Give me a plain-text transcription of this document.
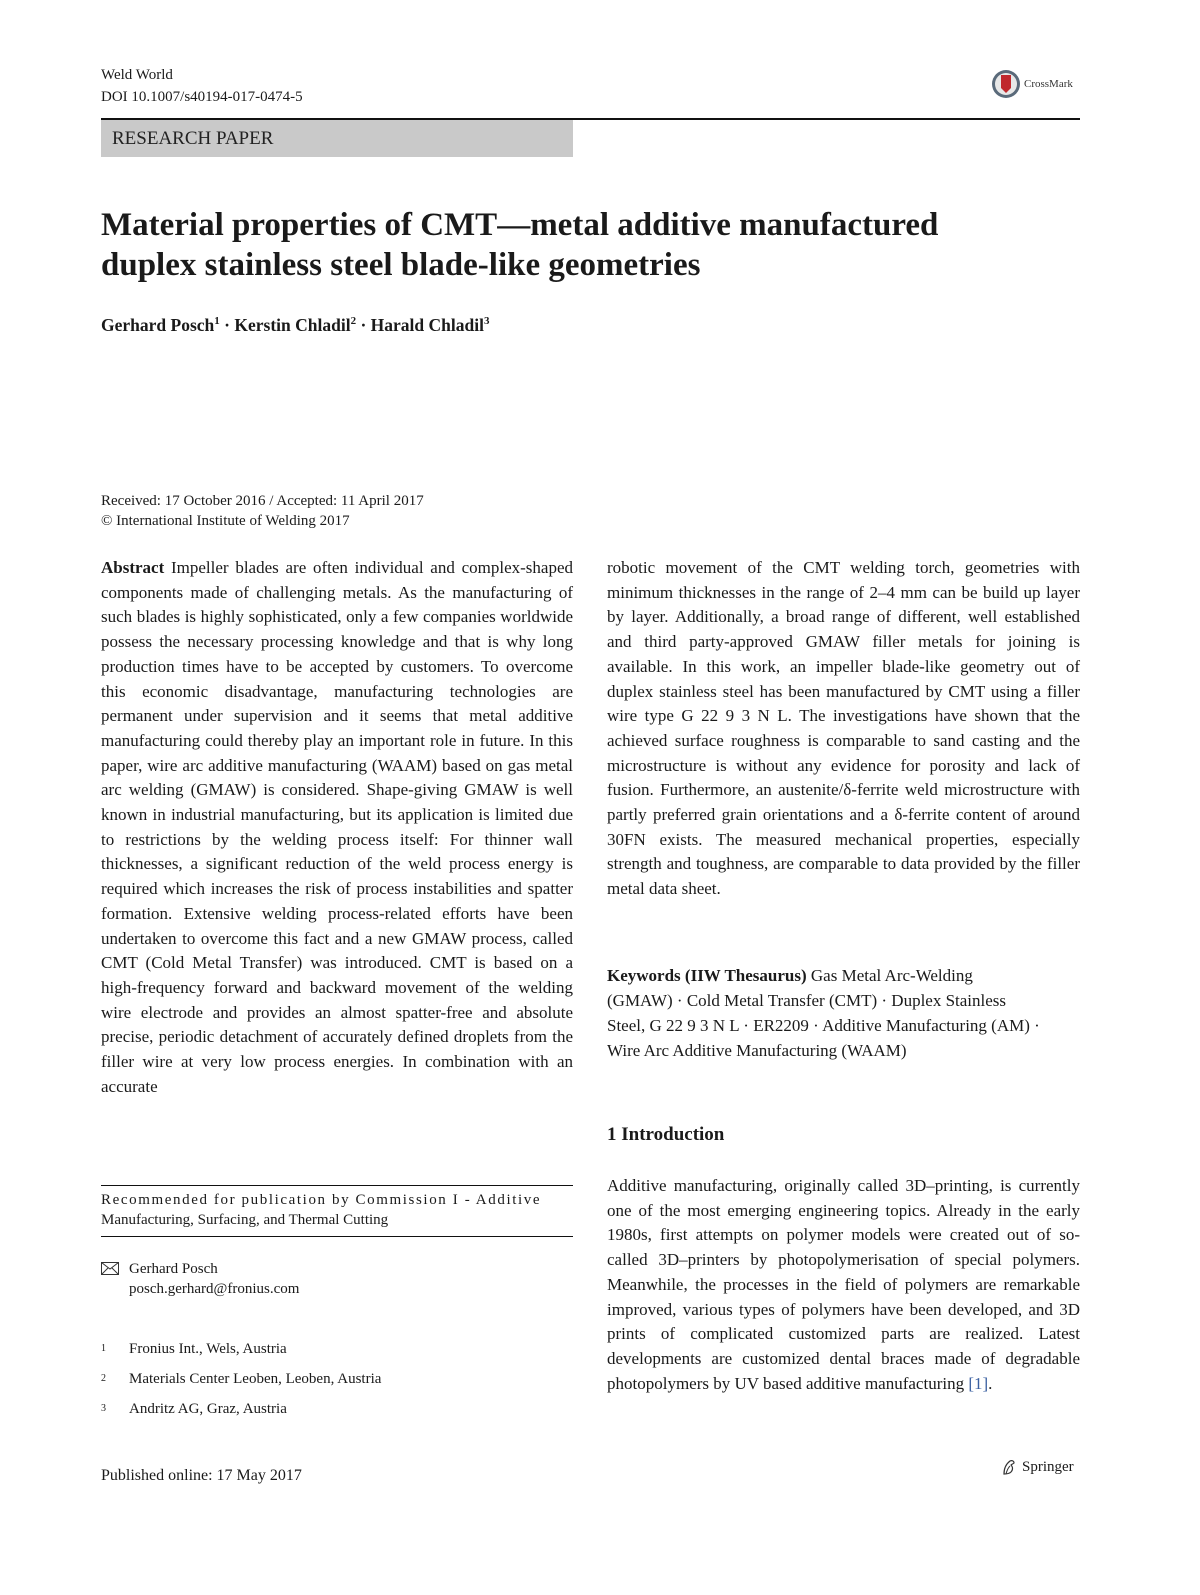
Weld World
DOI 10.1007/s40194-017-0474-5
CrossMark
RESEARCH PAPER
Material properties of CMT—metal additive manufactured
duplex stainless steel blade-like geometries
Gerhard Posch$^1$ · Kerstin Chladil$^2$ · Harald Chladil$^3$
Received: 17 October 2016 / Accepted: 11 April 2017
© International Institute of Welding 2017
Abstract Impeller blades are often individual and complex-shaped components made of challenging metals. As the manufacturing of such blades is highly sophisticated, only a few companies worldwide possess the necessary processing knowledge and that is why long production times have to be accepted by customers. To overcome this economic disadvantage, manufacturing technologies are permanent under supervision and it seems that metal additive manufacturing could thereby play an important role in future. In this paper, wire arc additive manufacturing (WAAM) based on gas metal arc welding (GMAW) is considered. Shape-giving GMAW is well known in industrial manufacturing, but its application is limited due to restrictions by the welding process itself: For thinner wall thicknesses, a significant reduction of the weld process energy is required which increases the risk of process instabilities and spatter formation. Extensive welding process-related efforts have been undertaken to overcome this fact and a new GMAW process, called CMT (Cold Metal Transfer) was introduced. CMT is based on a high-frequency forward and backward movement of the welding wire electrode and provides an almost spatter-free and absolute precise, periodic detachment of accurately defined droplets from the filler wire at very low process energies. In combination with an accurate
robotic movement of the CMT welding torch, geometries with minimum thicknesses in the range of 2–4 mm can be build up layer by layer. Additionally, a broad range of different, well established and third party-approved GMAW filler metals for joining is available. In this work, an impeller blade-like geometry out of duplex stainless steel has been manufactured by CMT using a filler wire type G 22 9 3 N L. The investigations have shown that the achieved surface roughness is comparable to sand casting and the microstructure is without any evidence for porosity and lack of fusion. Furthermore, an austenite/δ-ferrite weld microstructure with partly preferred grain orientations and a δ-ferrite content of around 30FN exists. The measured mechanical properties, especially strength and toughness, are comparable to data provided by the filler metal data sheet.
Keywords (IIW Thesaurus) Gas Metal Arc-Welding
(GMAW) · Cold Metal Transfer (CMT) · Duplex Stainless
Steel, G 22 9 3 N L · ER2209 · Additive Manufacturing (AM) ·
Wire Arc Additive Manufacturing (WAAM)
1 Introduction
Additive manufacturing, originally called 3D–printing, is currently one of the most emerging engineering topics. Already in the early 1980s, first attempts on polymer models were created out of so-called 3D–printers by photopolymerisation of special polymers. Meanwhile, the processes in the field of polymers are remarkable improved, various types of polymers have been developed, and 3D prints of complicated customized parts are realized. Latest developments are customized dental braces made of degradable photopolymers by UV based additive manufacturing [1].
Recommended for publication by Commission I - Additive
Manufacturing, Surfacing, and Thermal Cutting
Gerhard Posch
posch.gerhard@fronius.com
$^1$ Fronius Int., Wels, Austria
$^2$ Materials Center Leoben, Leoben, Austria
$^3$ Andritz AG, Graz, Austria
Published online: 17 May 2017
Springer
